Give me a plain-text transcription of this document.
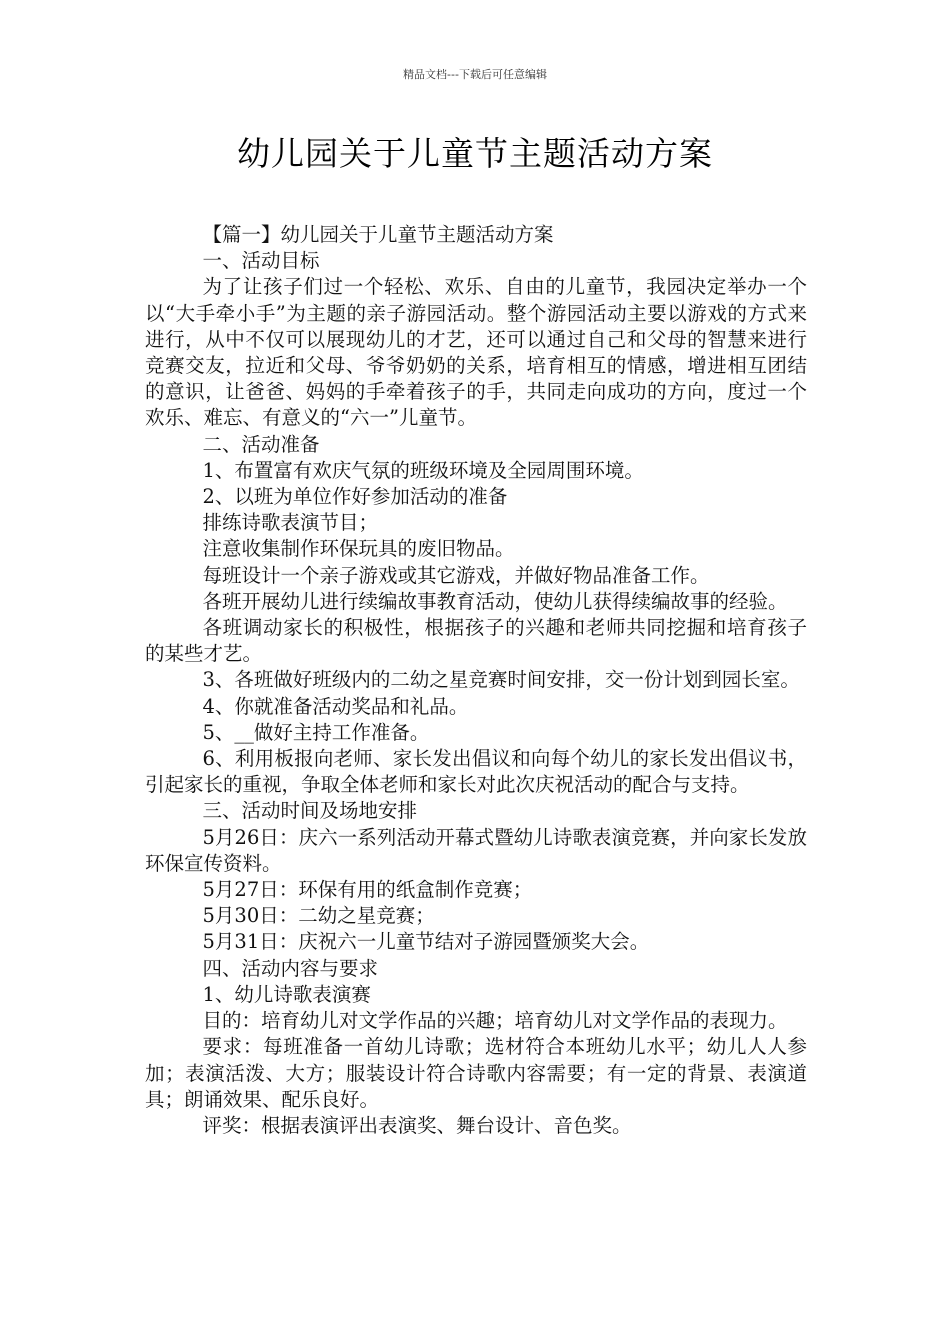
精品文档---下载后可任意编辑
幼儿园关于儿童节主题活动方案

【篇一】幼儿园关于儿童节主题活动方案

一、活动目标

为了让孩子们过一个轻松、欢乐、自由的儿童节，我园决定举办一个以“大手牵小手”为主题的亲子游园活动。整个游园活动主要以游戏的方式来进行，从中不仅可以展现幼儿的才艺，还可以通过自己和父母的智慧来进行竞赛交友，拉近和父母、爷爷奶奶的关系，培育相互的情感，增进相互团结的意识，让爸爸、妈妈的手牵着孩子的手，共同走向成功的方向，度过一个欢乐、难忘、有意义的“六一”儿童节。

二、活动准备

1、布置富有欢庆气氛的班级环境及全园周围环境。

2、以班为单位作好参加活动的准备

排练诗歌表演节目；

注意收集制作环保玩具的废旧物品。

每班设计一个亲子游戏或其它游戏，并做好物品准备工作。

各班开展幼儿进行续编故事教育活动，使幼儿获得续编故事的经验。

各班调动家长的积极性，根据孩子的兴趣和老师共同挖掘和培育孩子的某些才艺。

3、各班做好班级内的二幼之星竞赛时间安排，交一份计划到园长室。

4、你就准备活动奖品和礼品。

5、__做好主持工作准备。

6、利用板报向老师、家长发出倡议和向每个幼儿的家长发出倡议书，引起家长的重视，争取全体老师和家长对此次庆祝活动的配合与支持。

三、活动时间及场地安排

5月26日：庆六一系列活动开幕式暨幼儿诗歌表演竞赛，并向家长发放环保宣传资料。

5月27日：环保有用的纸盒制作竞赛；

5月30日：二幼之星竞赛；

5月31日：庆祝六一儿童节结对子游园暨颁奖大会。

四、活动内容与要求

1、幼儿诗歌表演赛

目的：培育幼儿对文学作品的兴趣；培育幼儿对文学作品的表现力。

要求：每班准备一首幼儿诗歌；选材符合本班幼儿水平；幼儿人人参加；表演活泼、大方；服装设计符合诗歌内容需要；有一定的背景、表演道具；朗诵效果、配乐良好。

评奖：根据表演评出表演奖、舞台设计、音色奖。
